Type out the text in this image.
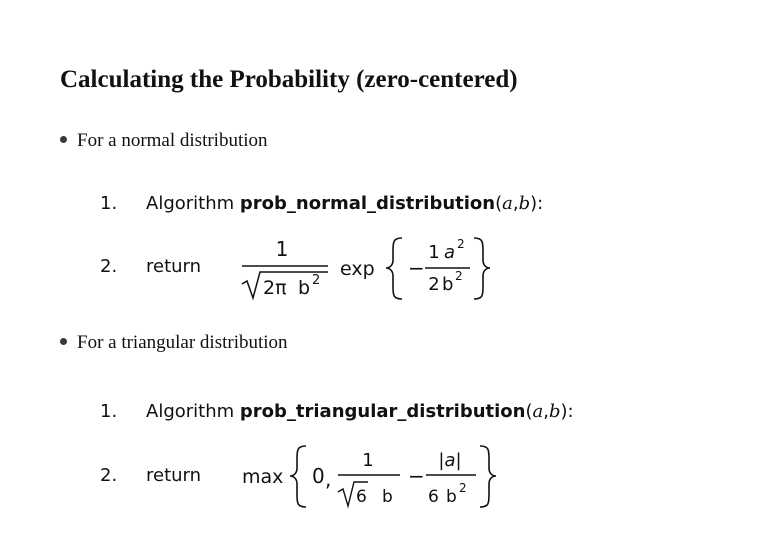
Calculating the Probability (zero-centered)
For a normal distribution
1. Algorithm prob_normal_distribution(a,b):
2. return
1
2π b 2
exp −
1 a 2
2 b 2
For a triangular distribution
1. Algorithm prob_triangular_distribution(a,b):
2. return max 0 ,
1
6 b
−
|a|
6 b 2
